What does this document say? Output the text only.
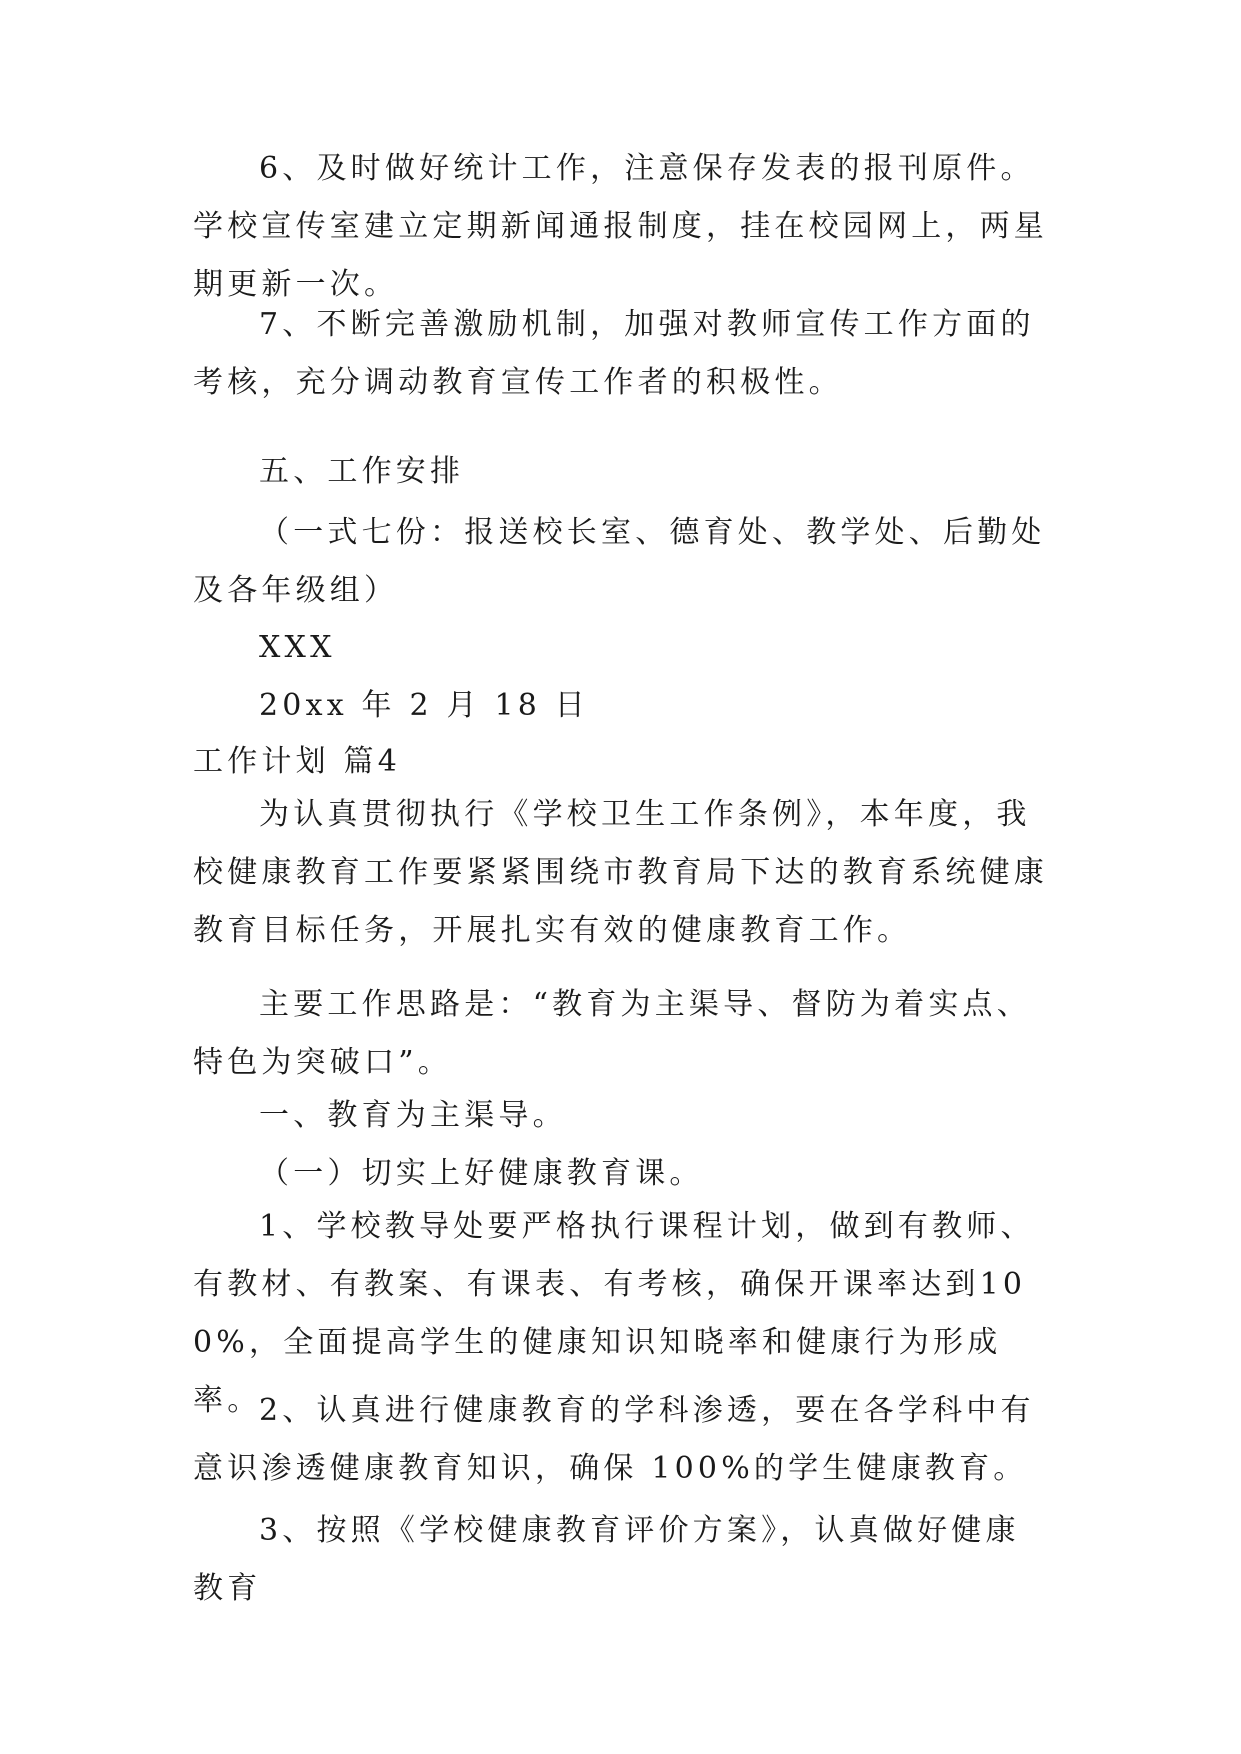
6、及时做好统计工作，注意保存发表的报刊原件。学校宣传室建立定期新闻通报制度，挂在校园网上，两星期更新一次。

7、不断完善激励机制，加强对教师宣传工作方面的考核，充分调动教育宣传工作者的积极性。

五、工作安排

（一式七份：报送校长室、德育处、教学处、后勤处及各年级组）

XXX

20xx 年 2 月 18 日

工作计划 篇4

为认真贯彻执行《学校卫生工作条例》，本年度，我校健康教育工作要紧紧围绕市教育局下达的教育系统健康教育目标任务，开展扎实有效的健康教育工作。

主要工作思路是：“教育为主渠导、督防为着实点、特色为突破口”。

一、教育为主渠导。

（一）切实上好健康教育课。

1、学校教导处要严格执行课程计划，做到有教师、有教材、有教案、有课表、有考核，确保开课率达到100%，全面提高学生的健康知识知晓率和健康行为形成率。

2、认真进行健康教育的学科渗透，要在各学科中有意识渗透健康教育知识，确保 100%的学生健康教育。

3、按照《学校健康教育评价方案》，认真做好健康教育
